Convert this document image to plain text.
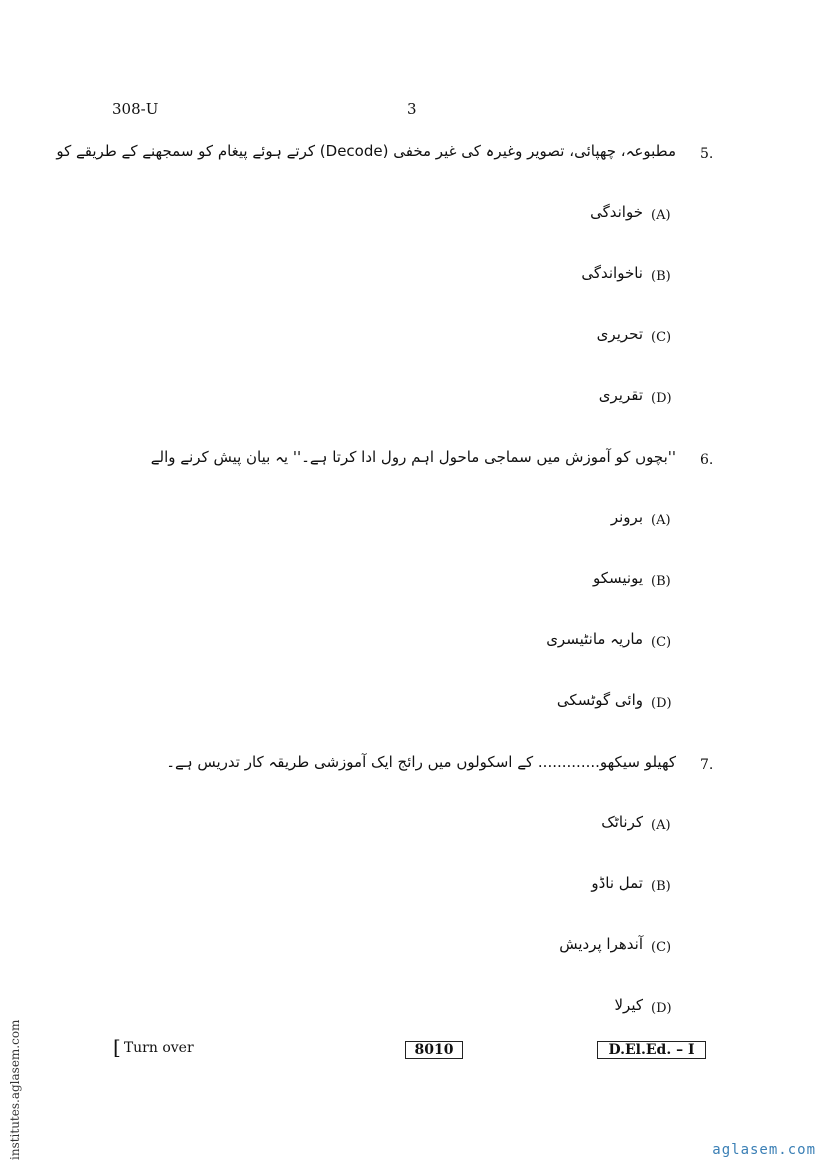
308-U	3
5.
مطبوعہ، چھپائی، تصویر وغیرہ کی غیر مخفی (Decode) کرتے ہوئے پیغام کو سمجھنے کے طریقے کو
(A)
خواندگی
(B)
ناخواندگی
(C)
تحریری
(D)
تقریری
6.
''بچوں کو آموزش میں سماجی ماحول اہم رول ادا کرتا ہے۔'' یہ بیان پیش کرنے والے
(A)
برونر
(B)
یونیسکو
(C)
ماریہ مانٹیسری
(D)
وائی گوٹسکی
7.
کھیلو سیکھو............. کے اسکولوں میں رائج ایک آموزشی طریقہ کار تدریس ہے۔
(A)
کرناٹک
(B)
تمل ناڈو
(C)
آندھرا پردیش
(D)
کیرلا
[ Turn over	8010	D.El.Ed. – I
institutes.aglasem.com	aglasem.com
